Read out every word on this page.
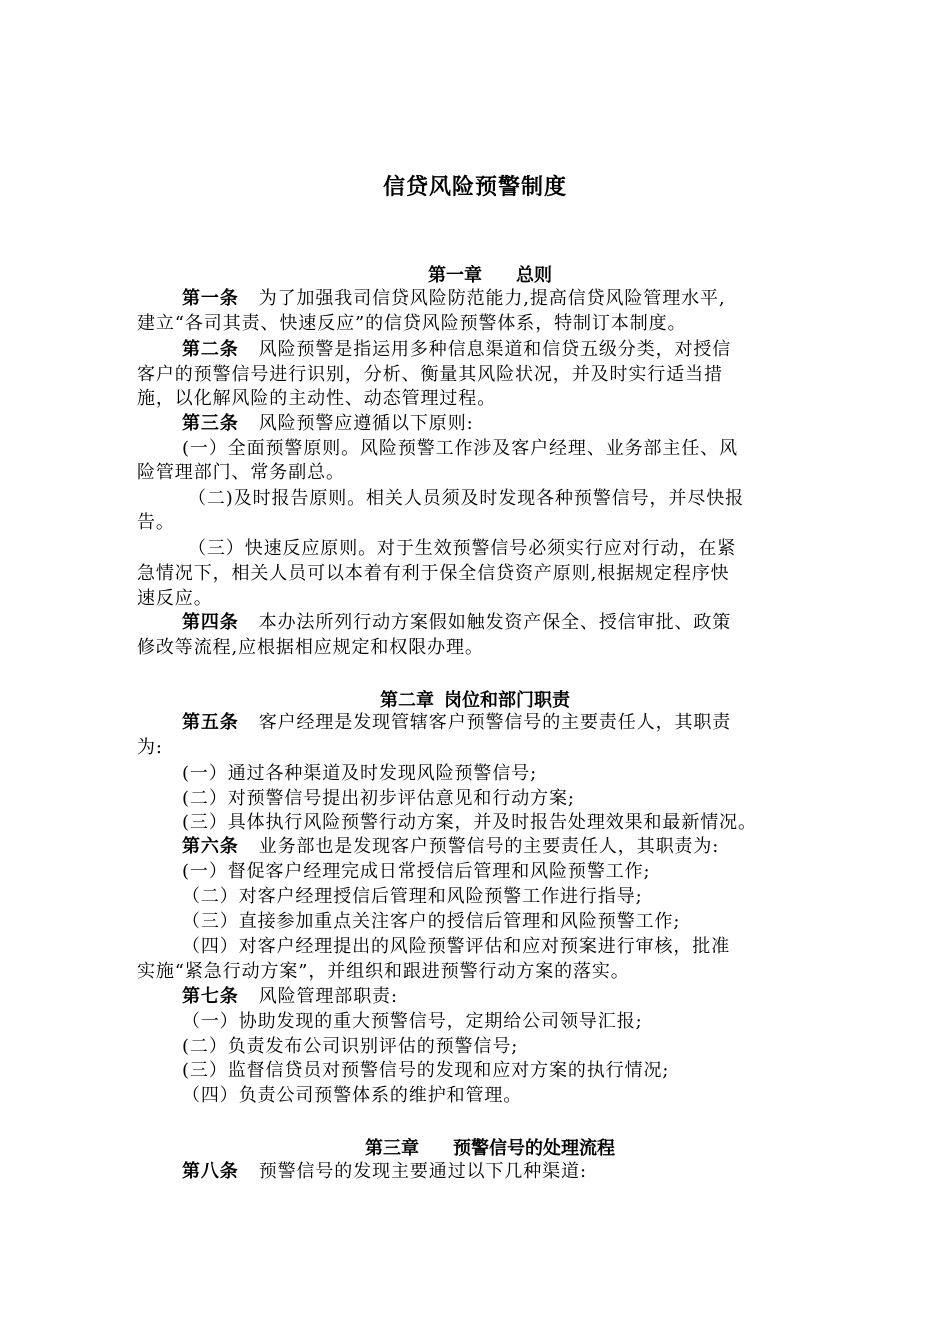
信贷风险预警制度
第一章 总则
第一条 为了加强我司信贷风险防范能力,提高信贷风险管理水平,
建立“各司其责、快速反应”的信贷风险预警体系，特制订本制度。
第二条 风险预警是指运用多种信息渠道和信贷五级分类，对授信
客户的预警信号进行识别，分析、衡量其风险状况，并及时实行适当措
施，以化解风险的主动性、动态管理过程。
第三条 风险预警应遵循以下原则:
(一）全面预警原则。风险预警工作涉及客户经理、业务部主任、风
险管理部门、常务副总。
（二)及时报告原则。相关人员须及时发现各种预警信号，并尽快报
告。
（三）快速反应原则。对于生效预警信号必须实行应对行动，在紧
急情况下，相关人员可以本着有利于保全信贷资产原则,根据规定程序快
速反应。
第四条 本办法所列行动方案假如触发资产保全、授信审批、政策
修改等流程,应根据相应规定和权限办理。
第二章 岗位和部门职责
第五条 客户经理是发现管辖客户预警信号的主要责任人，其职责
为:
(一）通过各种渠道及时发现风险预警信号;
(二）对预警信号提出初步评估意见和行动方案;
(三）具体执行风险预警行动方案，并及时报告处理效果和最新情况。
第六条 业务部也是发现客户预警信号的主要责任人，其职责为:
(一）督促客户经理完成日常授信后管理和风险预警工作;
（二）对客户经理授信后管理和风险预警工作进行指导;
（三）直接参加重点关注客户的授信后管理和风险预警工作;
（四）对客户经理提出的风险预警评估和应对预案进行审核，批准
实施“紧急行动方案”，并组织和跟进预警行动方案的落实。
第七条 风险管理部职责:
（一）协助发现的重大预警信号，定期给公司领导汇报;
(二）负责发布公司识别评估的预警信号;
(三）监督信贷员对预警信号的发现和应对方案的执行情况;
（四）负责公司预警体系的维护和管理。
第三章 预警信号的处理流程
第八条 预警信号的发现主要通过以下几种渠道:
